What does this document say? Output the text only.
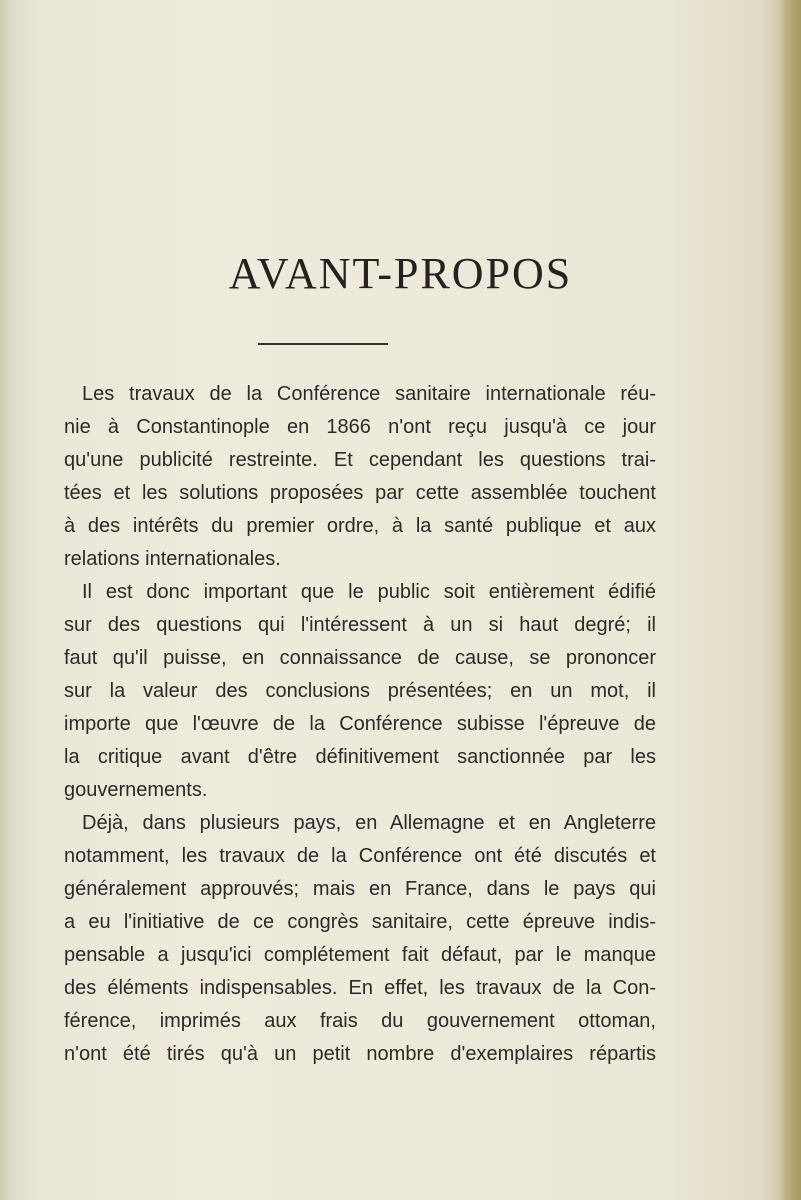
AVANT-PROPOS
Les travaux de la Conférence sanitaire internationale réu-
nie à Constantinople en 1866 n'ont reçu jusqu'à ce jour
qu'une publicité restreinte. Et cependant les questions trai-
tées et les solutions proposées par cette assemblée touchent
à des intérêts du premier ordre, à la santé publique et aux
relations internationales.
Il est donc important que le public soit entièrement édifié
sur des questions qui l'intéressent à un si haut degré; il
faut qu'il puisse, en connaissance de cause, se prononcer
sur la valeur des conclusions présentées; en un mot, il
importe que l'œuvre de la Conférence subisse l'épreuve de
la critique avant d'être définitivement sanctionnée par les
gouvernements.
Déjà, dans plusieurs pays, en Allemagne et en Angleterre
notamment, les travaux de la Conférence ont été discutés et
généralement approuvés; mais en France, dans le pays qui
a eu l'initiative de ce congrès sanitaire, cette épreuve indis-
pensable a jusqu'ici complétement fait défaut, par le manque
des éléments indispensables. En effet, les travaux de la Con-
férence, imprimés aux frais du gouvernement ottoman,
n'ont été tirés qu'à un petit nombre d'exemplaires répartis
